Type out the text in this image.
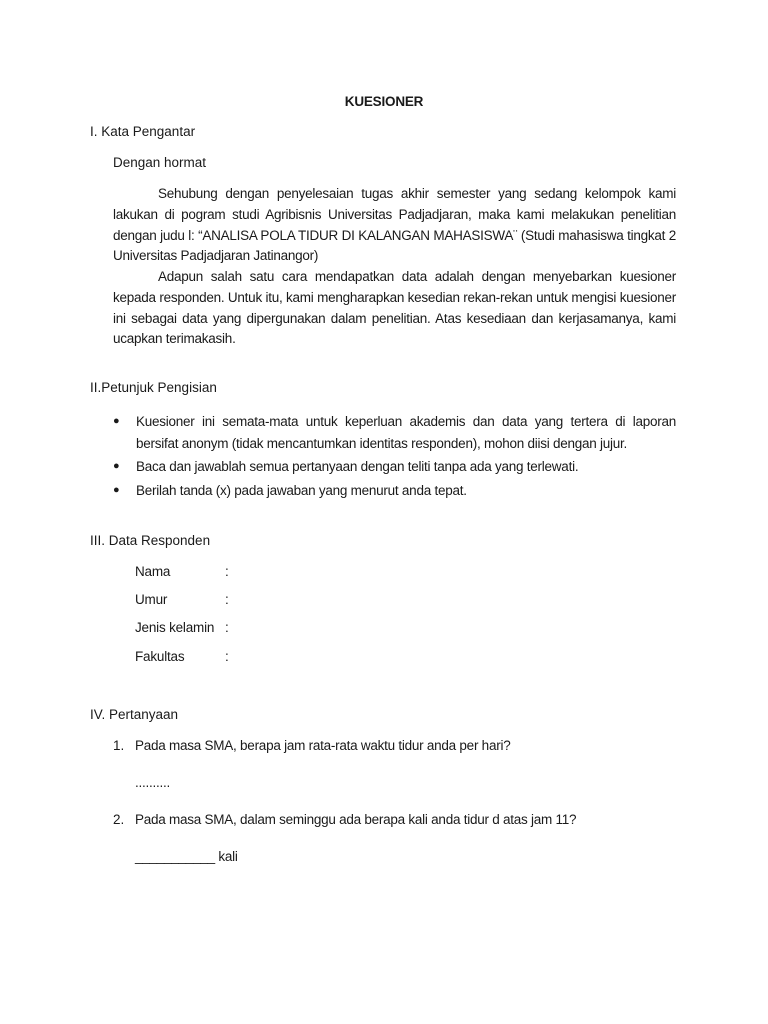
KUESIONER
I. Kata Pengantar
Dengan hormat
Sehubung dengan penyelesaian tugas akhir semester yang sedang kelompok kami lakukan di pogram studi Agribisnis Universitas Padjadjaran, maka kami melakukan penelitian dengan judu l: “ANALISA POLA TIDUR DI KALANGAN MAHASISWA¨ (Studi mahasiswa tingkat 2 Universitas Padjadjaran Jatinangor)
Adapun salah satu cara mendapatkan data adalah dengan menyebarkan kuesioner kepada responden. Untuk itu, kami mengharapkan kesedian rekan-rekan untuk mengisi kuesioner ini sebagai data yang dipergunakan dalam penelitian. Atas kesediaan dan kerjasamanya, kami ucapkan terimakasih.
II.Petunjuk Pengisian
● Kuesioner ini semata-mata untuk keperluan akademis dan data yang tertera di laporan bersifat anonym (tidak mencantumkan identitas responden), mohon diisi dengan jujur.
● Baca dan jawablah semua pertanyaan dengan teliti tanpa ada yang terlewati.
● Berilah tanda (x) pada jawaban yang menurut anda tepat.
III. Data Responden
Nama	:
Umur	:
Jenis kelamin :
Fakultas	:
IV. Pertanyaan
1. Pada masa SMA, berapa jam rata-rata waktu tidur anda per hari?
..........
2. Pada masa SMA, dalam seminggu ada berapa kali anda tidur d atas jam 11?
___________ kali
